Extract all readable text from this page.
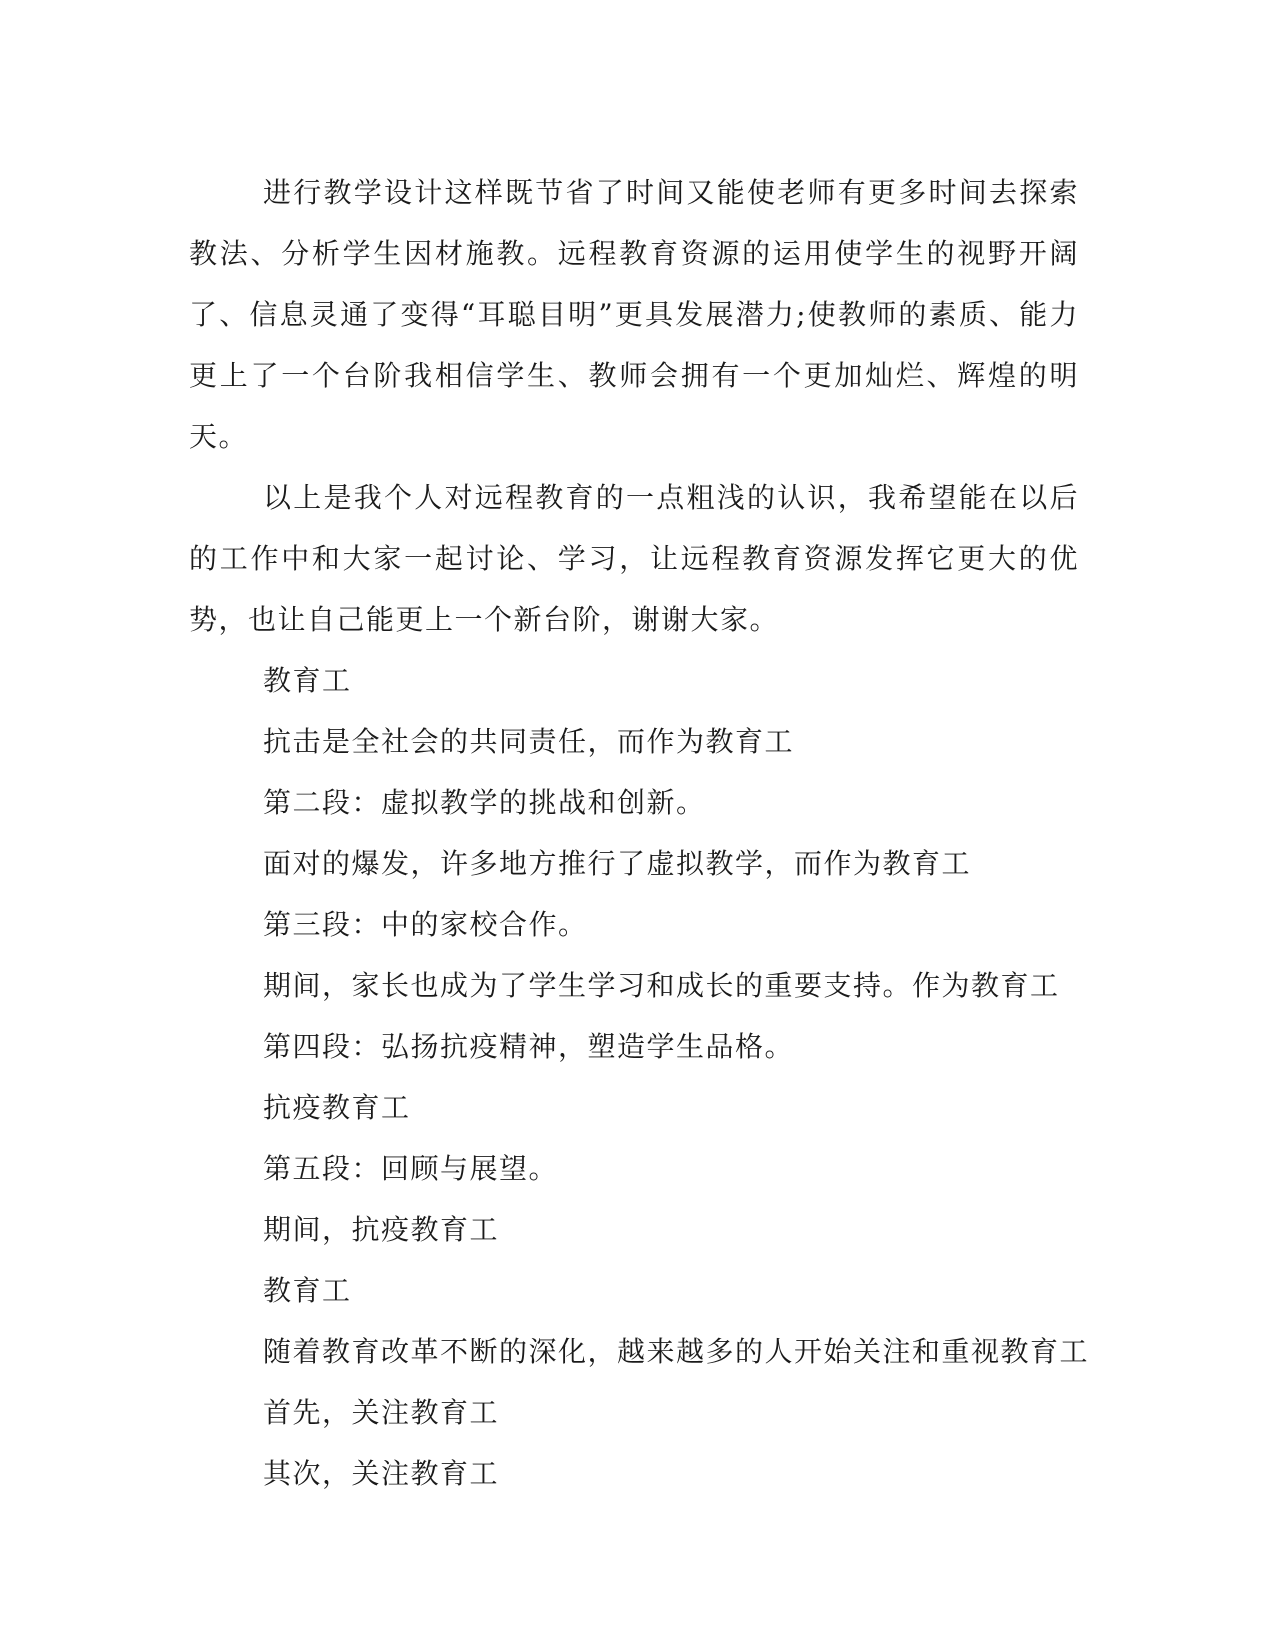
进行教学设计这样既节省了时间又能使老师有更多时间去探索教法、分析学生因材施教。远程教育资源的运用使学生的视野开阔了、信息灵通了变得“耳聪目明”更具发展潜力;使教师的素质、能力更上了一个台阶我相信学生、教师会拥有一个更加灿烂、辉煌的明天。

以上是我个人对远程教育的一点粗浅的认识，我希望能在以后的工作中和大家一起讨论、学习，让远程教育资源发挥它更大的优势，也让自己能更上一个新台阶，谢谢大家。

教育工

抗击是全社会的共同责任，而作为教育工

第二段：虚拟教学的挑战和创新。

面对的爆发，许多地方推行了虚拟教学，而作为教育工

第三段：中的家校合作。

期间，家长也成为了学生学习和成长的重要支持。作为教育工

第四段：弘扬抗疫精神，塑造学生品格。

抗疫教育工

第五段：回顾与展望。

期间，抗疫教育工

教育工

随着教育改革不断的深化，越来越多的人开始关注和重视教育工

首先，关注教育工

其次，关注教育工
